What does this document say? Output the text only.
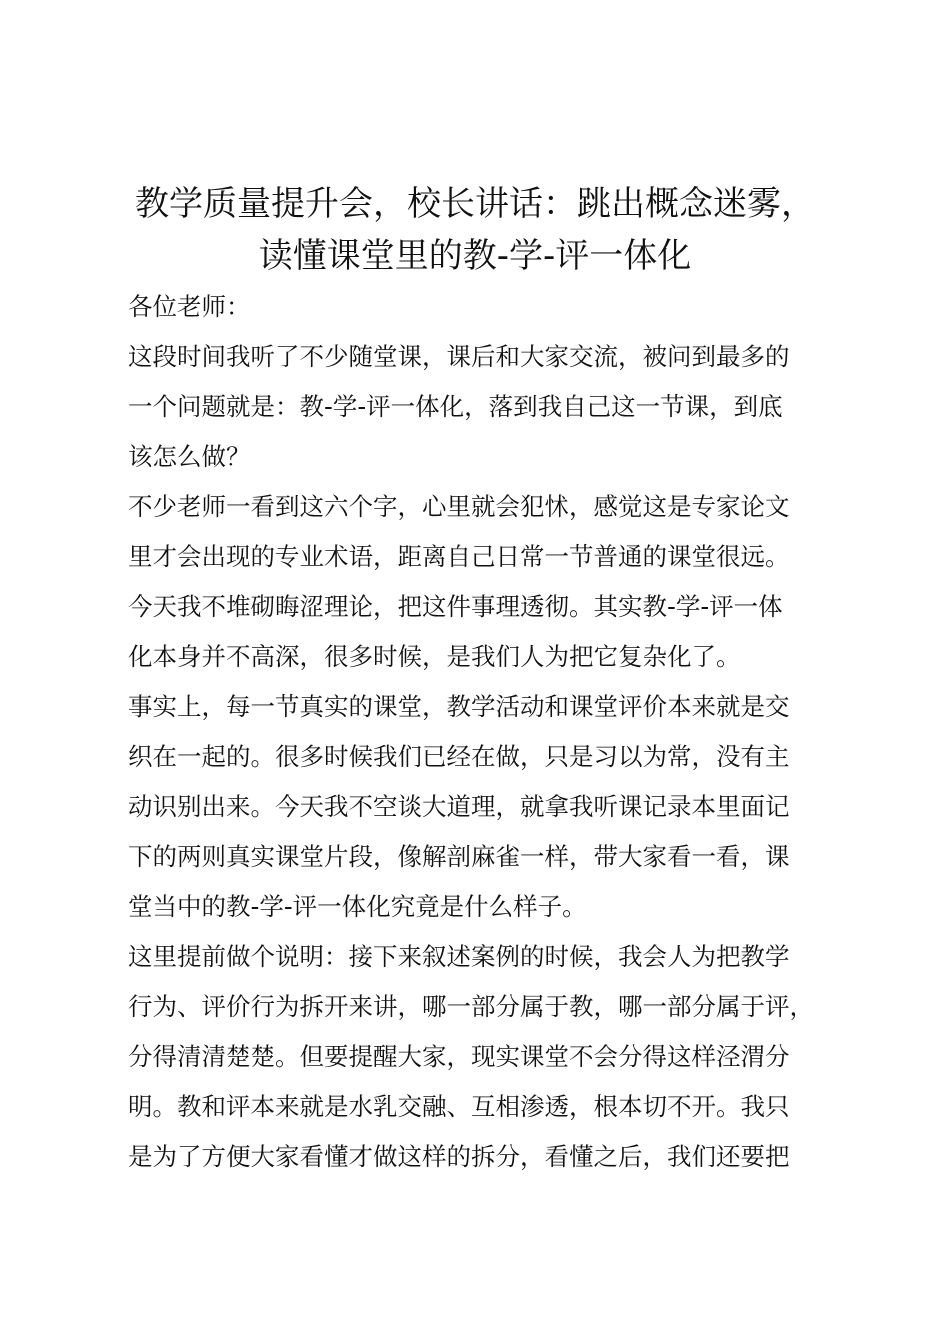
教学质量提升会，校长讲话：跳出概念迷雾，
读懂课堂里的教-学-评一体化
各位老师：
这段时间我听了不少随堂课，课后和大家交流，被问到最多的
一个问题就是：教-学-评一体化，落到我自己这一节课，到底
该怎么做？
不少老师一看到这六个字，心里就会犯怵，感觉这是专家论文
里才会出现的专业术语，距离自己日常一节普通的课堂很远。
今天我不堆砌晦涩理论，把这件事理透彻。其实教-学-评一体
化本身并不高深，很多时候，是我们人为把它复杂化了。
事实上，每一节真实的课堂，教学活动和课堂评价本来就是交
织在一起的。很多时候我们已经在做，只是习以为常，没有主
动识别出来。今天我不空谈大道理，就拿我听课记录本里面记
下的两则真实课堂片段，像解剖麻雀一样，带大家看一看，课
堂当中的教-学-评一体化究竟是什么样子。
这里提前做个说明：接下来叙述案例的时候，我会人为把教学
行为、评价行为拆开来讲，哪一部分属于教，哪一部分属于评，
分得清清楚楚。但要提醒大家，现实课堂不会分得这样泾渭分
明。教和评本来就是水乳交融、互相渗透，根本切不开。我只
是为了方便大家看懂才做这样的拆分，看懂之后，我们还要把
